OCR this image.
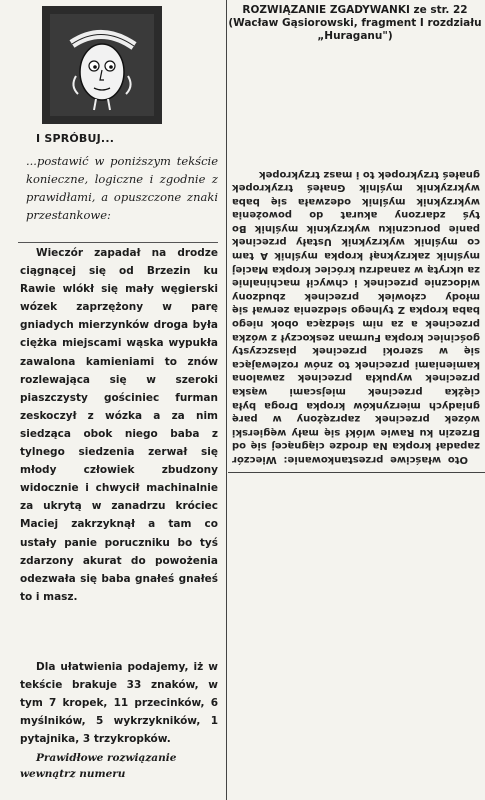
I SPRÓBUJ...
...postawić w poniższym tekście konieczne, logiczne i zgodnie z prawidłami, a opuszczone znaki przestankowe:
Wieczór zapadał na drodze ciągnącej się od Brzezin ku Rawie wlókł się mały węgierski wózek zaprzężony w parę gniadych mierzynków droga była ciężka miejscami wąska wypukła zawalona kamieniami to znów rozlewająca się w szeroki piaszczysty gościniec furman zeskoczył z wózka a za nim siedząca obok niego baba z tylnego siedzenia zerwał się młody człowiek zbudzony widocznie i chwycił machinalnie za ukrytą w zanadrzu króciec Maciej zakrzyknął a tam co ustały panie poruczniku bo tyś zdarzony akurat do powożenia odezwała się baba gnałeś gnałeś to i masz.
Dla ułatwienia podajemy, iż w tekście brakuje 33 znaków, w tym 7 kropek, 11 przecinków, 6 myślników, 5 wykrzykników, 1 pytajnika, 3 trzykropków.
Prawidłowe rozwiązanie wewnątrz numeru
ROZWIĄZANIE ZGADYWANKI ze str. 22
(Wacław Gąsiorowski, fragment I rozdziału „Huraganu")
Oto właściwe przestankowanie: Wieczór zapadał kropka Na drodze ciągnącej się od Brzezin ku Rawie wlókł się mały węgierski wózek przecinek zaprzężony w parę gniadych mierzynków kropka Droga była ciężka przecinek miejscami wąska przecinek wypukła przecinek zawalona kamieniami przecinek to znów rozlewająca się w szeroki przecinek piaszczysty gościniec kropka Furman zeskoczył z wózka przecinek a za nim siedząca obok niego baba kropka Z tylnego siedzenia zerwał się młody człowiek przecinek zbudzony widocznie przecinek i chwycił machinalnie za ukrytą w zanadrzu króciec kropka Maciej myślnik zakrzyknął kropka myślnik A tam co myślnik wykrzyknik Ustały przecinek panie poruczniku wykrzyknik myślnik Bo tyś zdarzony akurat do powożenia wykrzyknik myślnik odezwała się baba wykrzyknik myślnik Gnałeś trzykropek gnałeś trzykropek to i masz trzykropek
